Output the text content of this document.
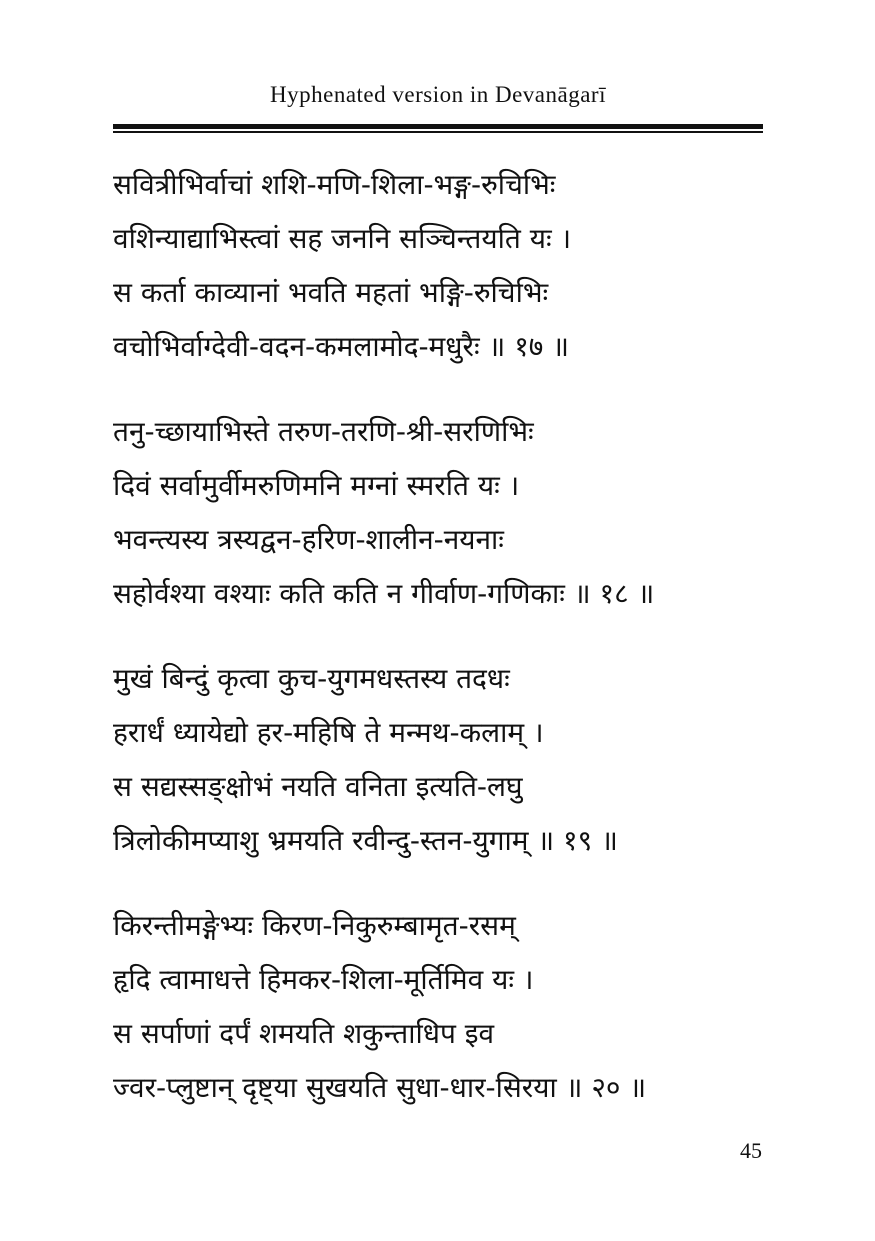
Hyphenated version in Devanāgarī
सवित्रीभिर्वाचां शशि-मणि-शिला-भङ्ग-रुचिभिः
वशिन्याद्याभिस्त्वां सह जननि सञ्चिन्तयति यः ।
स कर्ता काव्यानां भवति महतां भङ्गि-रुचिभिः
वचोभिर्वाग्देवी-वदन-कमलामोद-मधुरैः ॥ १७ ॥
तनु-च्छायाभिस्ते तरुण-तरणि-श्री-सरणिभिः
दिवं सर्वामुर्वीमरुणिमनि मग्नां स्मरति यः ।
भवन्त्यस्य त्रस्यद्वन-हरिण-शालीन-नयनाः
सहोर्वश्या वश्याः कति कति न गीर्वाण-गणिकाः ॥ १८ ॥
मुखं बिन्दुं कृत्वा कुच-युगमधस्तस्य तदधः
हरार्धं ध्यायेद्यो हर-महिषि ते मन्मथ-कलाम् ।
स सद्यस्सङ्क्षोभं नयति वनिता इत्यति-लघु
त्रिलोकीमप्याशु भ्रमयति रवीन्दु-स्तन-युगाम् ॥ १९ ॥
किरन्तीमङ्गेभ्यः किरण-निकुरुम्बामृत-रसम्
हृदि त्वामाधत्ते हिमकर-शिला-मूर्तिमिव यः ।
स सर्पाणां दर्पं शमयति शकुन्ताधिप इव
ज्वर-प्लुष्टान् दृष्ट्या सुखयति सुधा-धार-सिरया ॥ २० ॥
45
